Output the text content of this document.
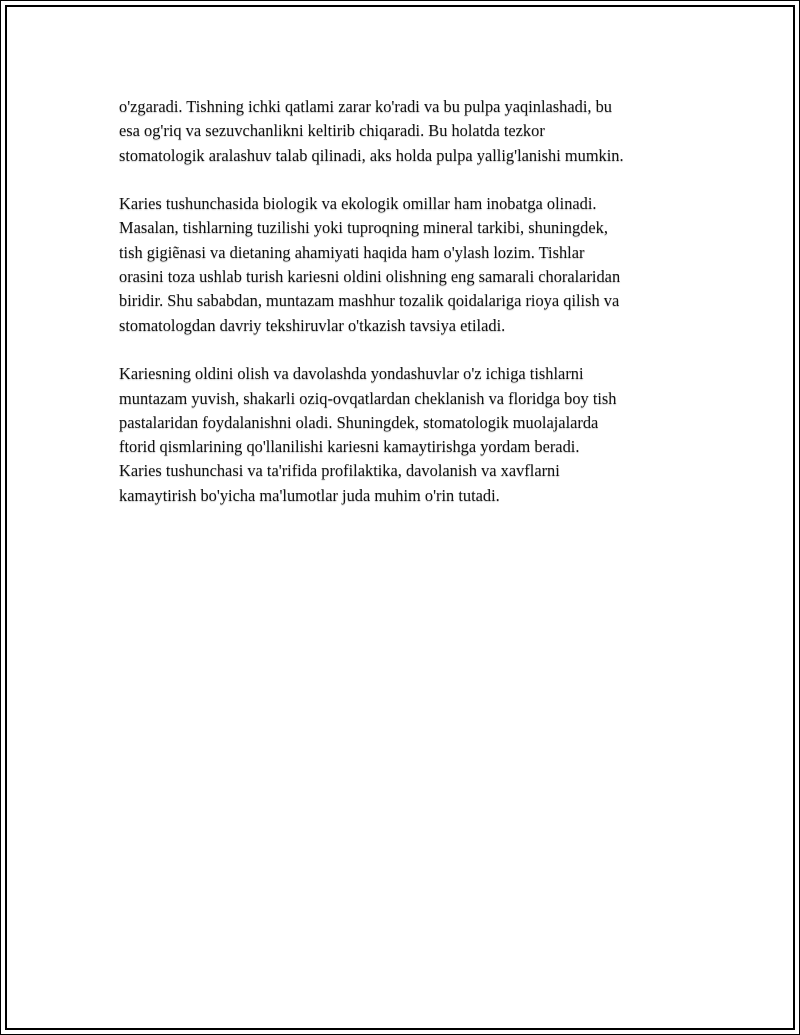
o'zgaradi. Tishning ichki qatlami zarar ko'radi va bu pulpa yaqinlashadi, bu
esa og'riq va sezuvchanlikni keltirib chiqaradi. Bu holatda tezkor
stomatologik aralashuv talab qilinadi, aks holda pulpa yallig'lanishi mumkin.
Karies tushunchasida biologik va ekologik omillar ham inobatga olinadi.
Masalan, tishlarning tuzilishi yoki tuproqning mineral tarkibi, shuningdek,
tish gigiẽnasi va dietaning ahamiyati haqida ham o'ylash lozim. Tishlar
orasini toza ushlab turish kariesni oldini olishning eng samarali choralaridan
biridir. Shu sababdan, muntazam mashhur tozalik qoidalariga rioya qilish va
stomatologdan davriy tekshiruvlar o'tkazish tavsiya etiladi.
Kariesning oldini olish va davolashda yondashuvlar o'z ichiga tishlarni
muntazam yuvish, shakarli oziq-ovqatlardan cheklanish va floridga boy tish
pastalaridan foydalanishni oladi. Shuningdek, stomatologik muolajalarda
ftorid qismlarining qo'llanilishi kariesni kamaytirishga yordam beradi.
Karies tushunchasi va ta'rifida profilaktika, davolanish va xavflarni
kamaytirish bo'yicha ma'lumotlar juda muhim o'rin tutadi.
